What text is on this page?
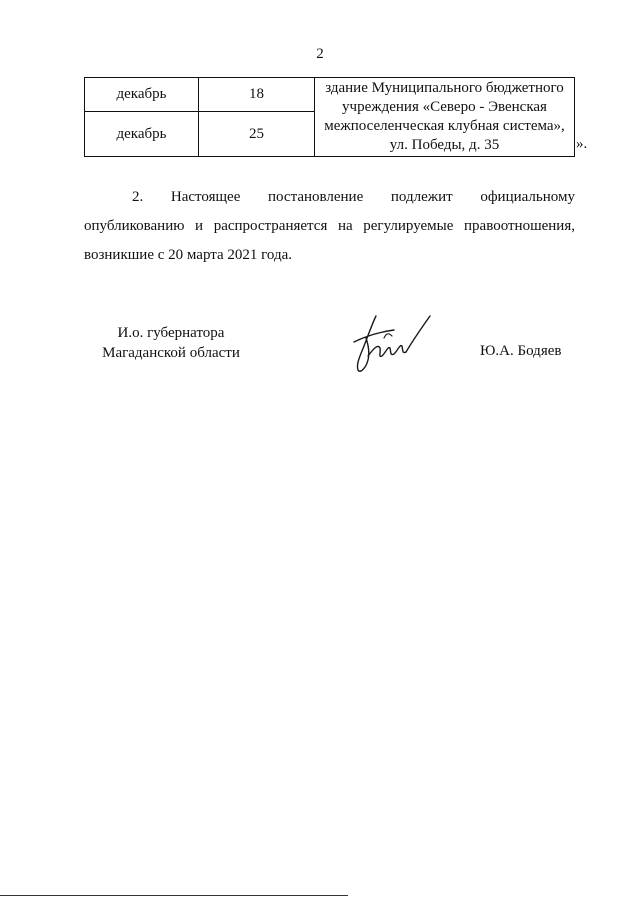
2
декабрь	18	здание Муниципального бюджетного
учреждения «Северо - Эвенская
межпоселенческая клубная система»,
ул. Победы, д. 35

декабрь	25	
».
2. Настоящее постановление подлежит официальному опубликованию и распространяется на регулируемые правоотношения, возникшие с 20 марта 2021 года.
И.о. губернатора
Магаданской области	Ю.А. Бодяев
